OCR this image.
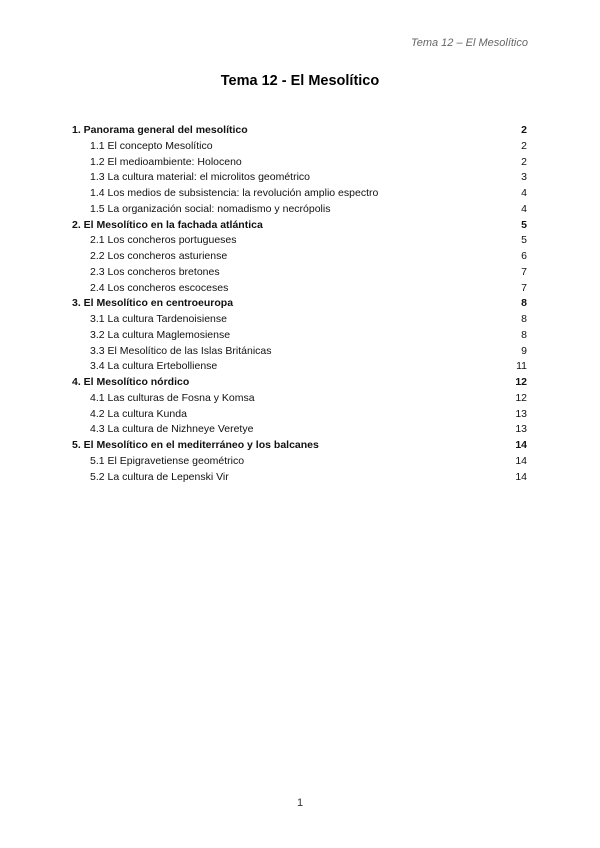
Tema 12 – El Mesolítico
Tema 12 - El Mesolítico
1. Panorama general del mesolítico	2
1.1 El concepto Mesolítico	2
1.2 El medioambiente: Holoceno	2
1.3 La cultura material: el microlitos geométrico	3
1.4 Los medios de subsistencia: la revolución amplio espectro	4
1.5 La organización social: nomadismo y necrópolis	4
2. El Mesolítico en la fachada atlántica	5
2.1 Los concheros portugueses	5
2.2 Los concheros asturiense	6
2.3 Los concheros bretones	7
2.4 Los concheros escoceses	7
3. El Mesolítico en centroeuropa	8
3.1 La cultura Tardenoisiense	8
3.2 La cultura Maglemosiense	8
3.3 El Mesolítico de las Islas Británicas	9
3.4 La cultura Ertebolliense	11
4. El Mesolítico nórdico	12
4.1 Las culturas de Fosna y Komsa	12
4.2 La cultura Kunda	13
4.3 La cultura de Nizhneye Veretye	13
5. El Mesolítico en el mediterráneo y los balcanes	14
5.1 El Epigravetiense geométrico	14
5.2 La cultura de Lepenski Vir	14
1
